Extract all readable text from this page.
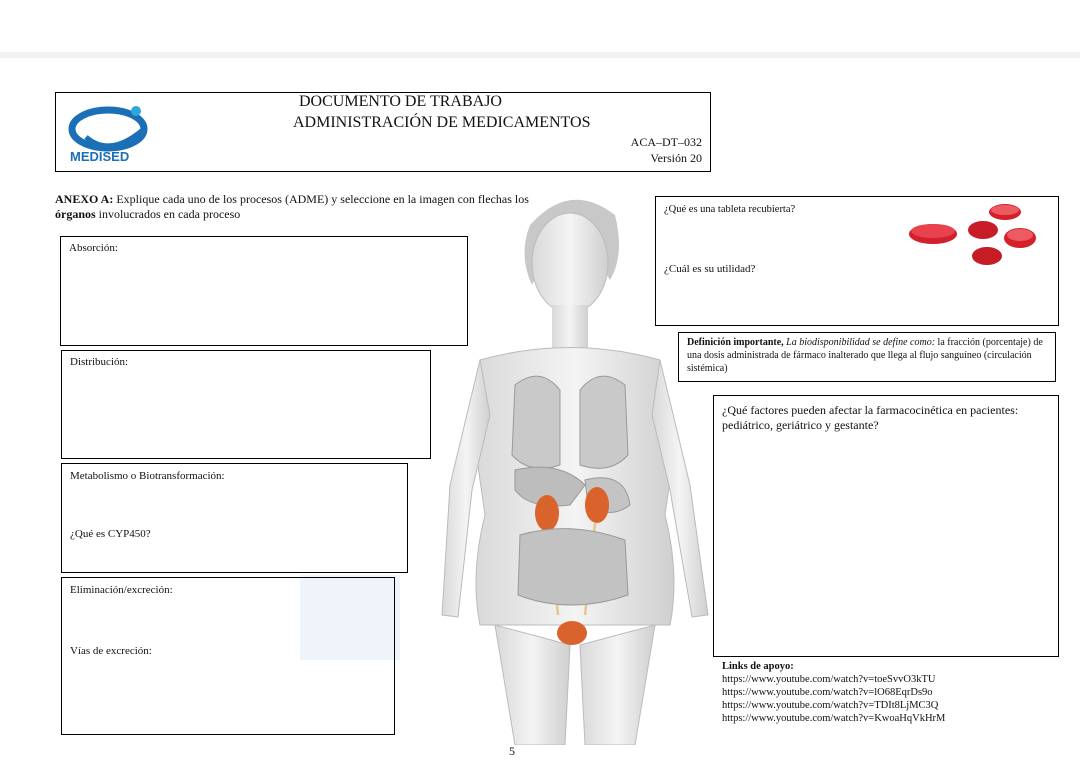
MEDISED
DOCUMENTO DE TRABAJO
ADMINISTRACIÓN DE MEDICAMENTOS
ACA–DT–032
Versión 20
ANEXO A: Explique cada uno de los procesos (ADME) y seleccione en la imagen con flechas los órganos involucrados en cada proceso
Absorción:
Distribución:
Metabolismo o Biotransformación:
¿Qué es CYP450?
Eliminación/excreción:
Vías de excreción:
¿Qué es una tableta recubierta?
¿Cuál es su utilidad?
Definición importante, La biodisponibilidad se define como: la fracción (porcentaje) de una dosis administrada de fármaco inalterado que llega al flujo sanguíneo (circulación sistémica)
¿Qué factores pueden afectar la farmacocinética en pacientes: pediátrico, geriátrico y gestante?
Links de apoyo:
https://www.youtube.com/watch?v=toeSvvO3kTU
https://www.youtube.com/watch?v=lO68EqrDs9o
https://www.youtube.com/watch?v=TDIt8LjMC3Q
https://www.youtube.com/watch?v=KwoaHqVkHrM
5
